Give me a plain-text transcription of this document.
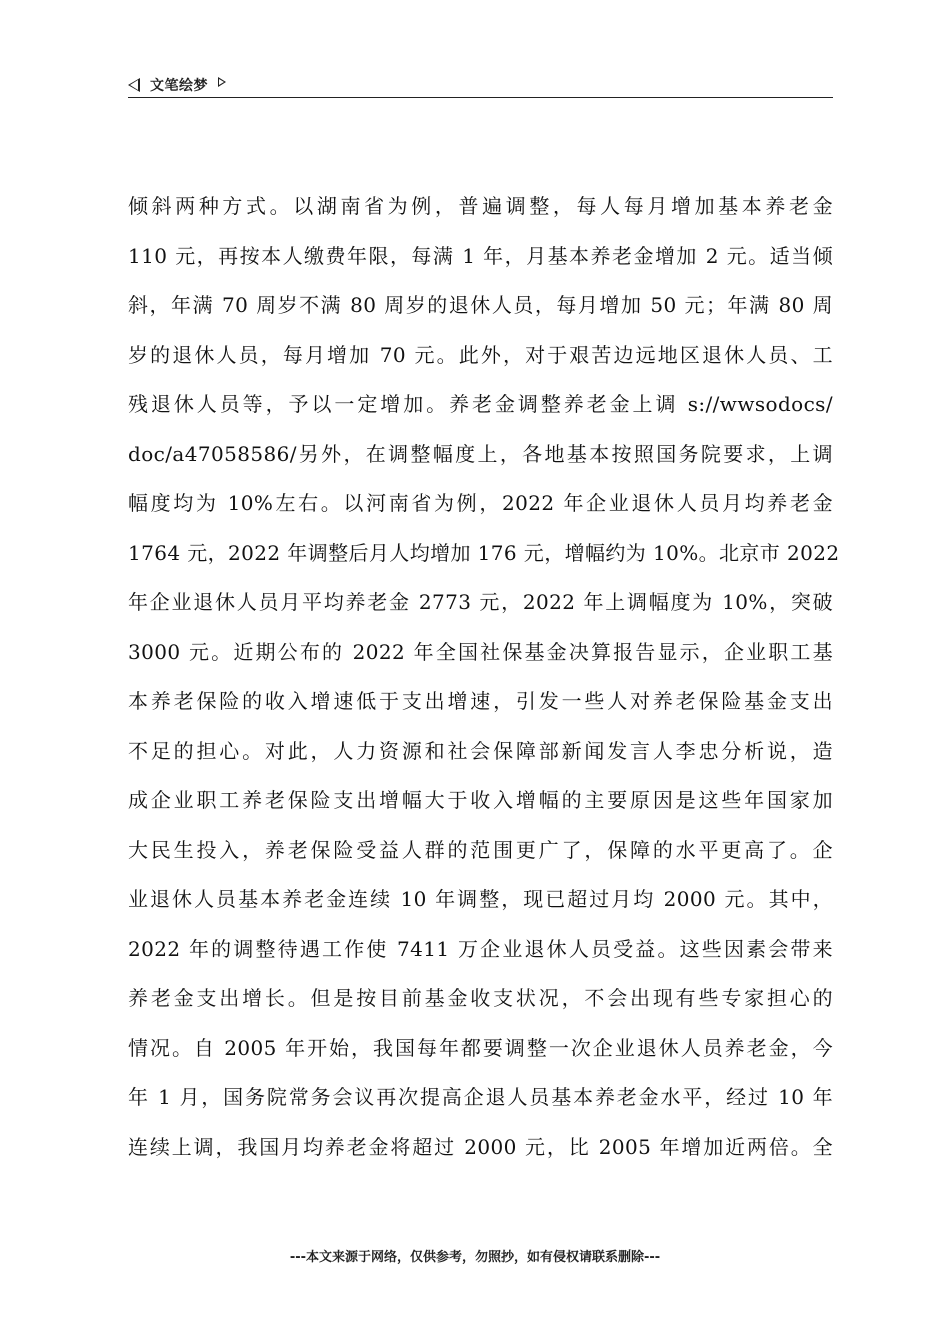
文笔绘梦
倾斜两种方式。以湖南省为例，普遍调整，每人每月增加基本养老金
110 元，再按本人缴费年限，每满 1 年，月基本养老金增加 2 元。适当倾
斜，年满 70 周岁不满 80 周岁的退休人员，每月增加 50 元；年满 80 周
岁的退休人员，每月增加 70 元。此外，对于艰苦边远地区退休人员、工
残退休人员等，予以一定增加。养老金调整养老金上调 s://wwsodocs/
doc/a47058586/另外，在调整幅度上，各地基本按照国务院要求，上调
幅度均为 10%左右。以河南省为例，2022 年企业退休人员月均养老金
1764 元，2022 年调整后月人均增加 176 元，增幅约为 10%。北京市 2022
年企业退休人员月平均养老金 2773 元，2022 年上调幅度为 10%，突破
3000 元。近期公布的 2022 年全国社保基金决算报告显示，企业职工基
本养老保险的收入增速低于支出增速，引发一些人对养老保险基金支出
不足的担心。对此，人力资源和社会保障部新闻发言人李忠分析说，造
成企业职工养老保险支出增幅大于收入增幅的主要原因是这些年国家加
大民生投入，养老保险受益人群的范围更广了，保障的水平更高了。企
业退休人员基本养老金连续 10 年调整，现已超过月均 2000 元。其中，
2022 年的调整待遇工作使 7411 万企业退休人员受益。这些因素会带来
养老金支出增长。但是按目前基金收支状况，不会出现有些专家担心的
情况。自 2005 年开始，我国每年都要调整一次企业退休人员养老金，今
年 1 月，国务院常务会议再次提高企退人员基本养老金水平，经过 10 年
连续上调，我国月均养老金将超过 2000 元，比 2005 年增加近两倍。全
---本文来源于网络，仅供参考，勿照抄，如有侵权请联系删除---
